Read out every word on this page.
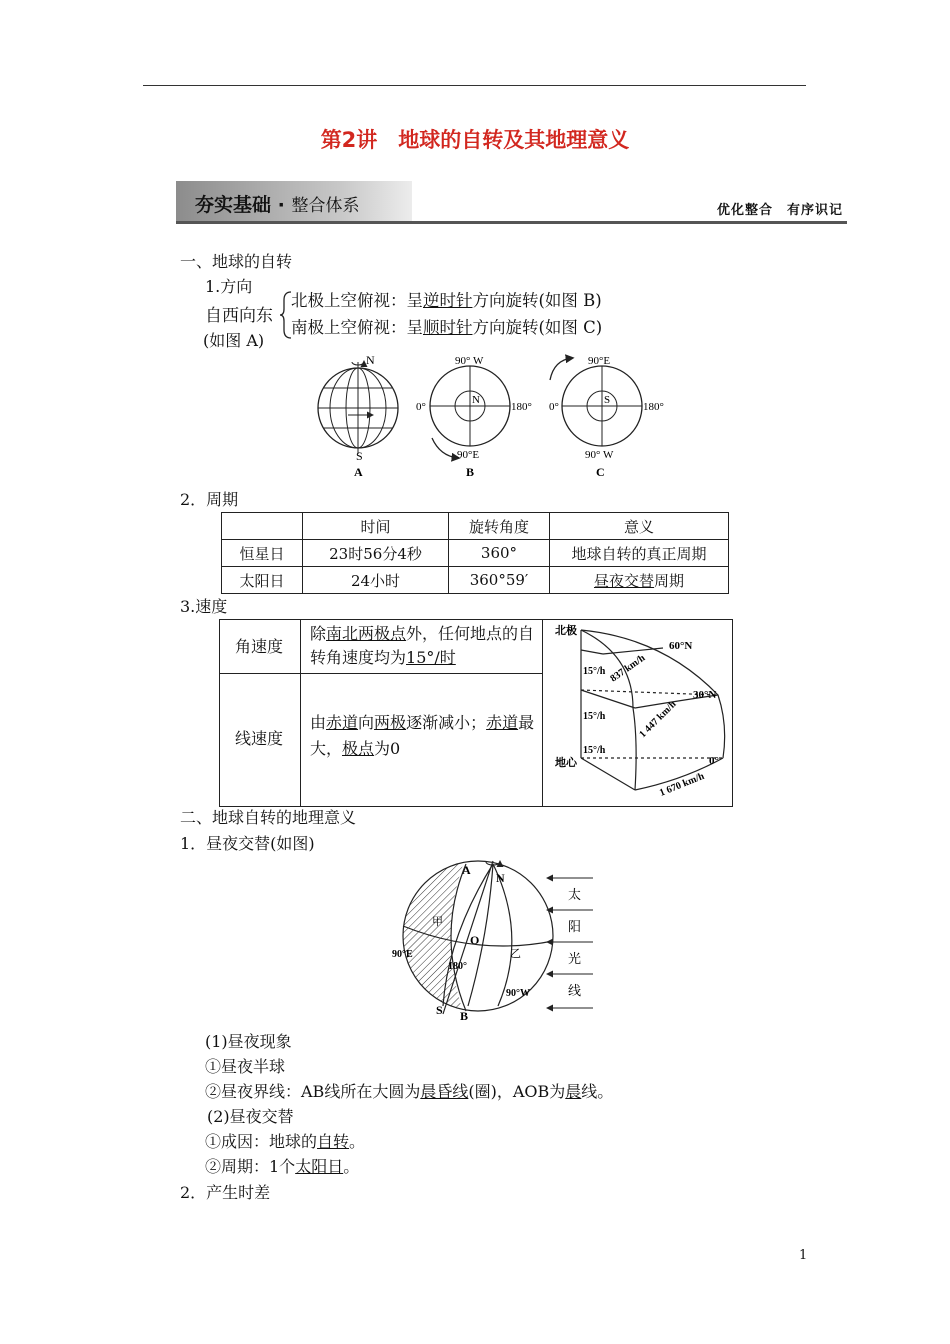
第2讲　地球的自转及其地理意义
夯实基础 · 整合体系	优化整合　有序识记
一、地球的自转
1.方向
自西向东
(如图 A)
北极上空俯视：呈逆时针方向旋转(如图 B)
南极上空俯视：呈顺时针方向旋转(如图 C)
N
S
A
90° W
0°	180°
90°E
N
B
90°E
0°	180°
90° W
S
C
2．周期
	时间	旋转角度	意义
恒星日	23时56分4秒	360°	地球自转的真正周期
太阳日	24小时	360°59′	昼夜交替周期
3.速度
角速度
除南北两极点外，任何地点的自转角速度均为15°/时
线速度
由赤道向两极逐渐减小；赤道最大，极点为0
北极
地心
60°N
30°N
0°
15°/h
15°/h
15°/h
837 km/h
1 447 km/h
1 670 km/h
二、地球自转的地理意义
1．昼夜交替(如图)
A
B
N
S
O
甲
乙
90°E
180°
90°W
太
阳
光
线
(1)昼夜现象
①昼夜半球
②昼夜界线：AB线所在大圆为晨昏线(圈)，AOB为晨线。
(2)昼夜交替
①成因：地球的自转。
②周期：1个太阳日。
2．产生时差
1
